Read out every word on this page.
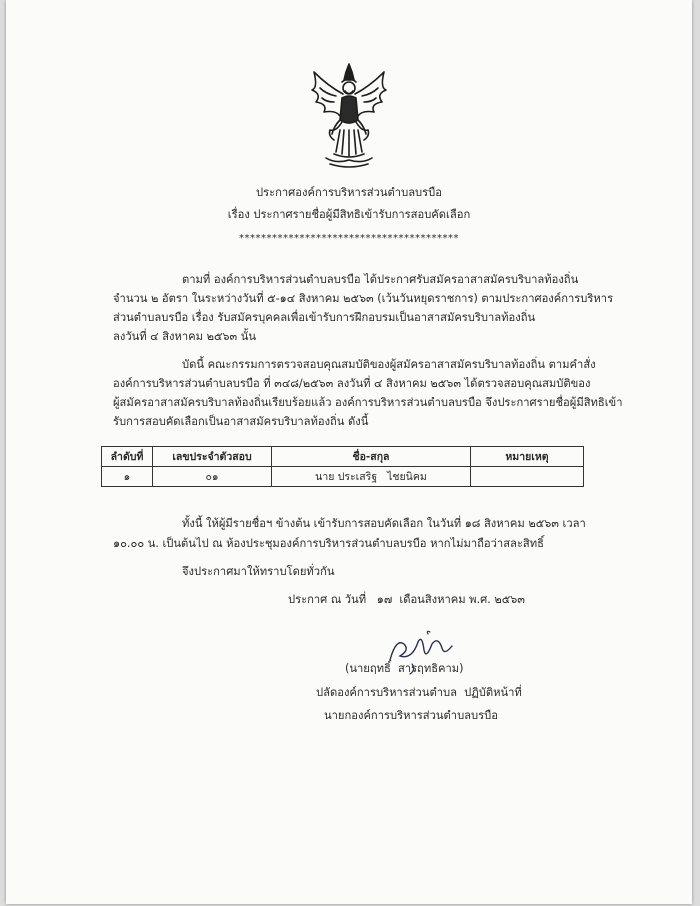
ประกาศองค์การบริหารส่วนตำบลบรบือ
เรื่อง ประกาศรายชื่อผู้มีสิทธิเข้ารับการสอบคัดเลือก
****************************************
ตามที่ องค์การบริหารส่วนตำบลบรบือ ได้ประกาศรับสมัครอาสาสมัครบริบาลท้องถิ่น
จำนวน ๒ อัตรา ในระหว่างวันที่ ๕-๑๔ สิงหาคม ๒๕๖๓ (เว้นวันหยุดราชการ) ตามประกาศองค์การบริหาร
ส่วนตำบลบรบือ เรื่อง รับสมัครบุคคลเพื่อเข้ารับการฝึกอบรมเป็นอาสาสมัครบริบาลท้องถิ่น
ลงวันที่ ๔ สิงหาคม ๒๕๖๓ นั้น
บัดนี้ คณะกรรมการตรวจสอบคุณสมบัติของผู้สมัครอาสาสมัครบริบาลท้องถิ่น ตามคำสั่ง
องค์การบริหารส่วนตำบลบรบือ ที่ ๓๔๘/๒๕๖๓ ลงวันที่ ๔ สิงหาคม ๒๕๖๓ ได้ตรวจสอบคุณสมบัติของ
ผู้สมัครอาสาสมัครบริบาลท้องถิ่นเรียบร้อยแล้ว องค์การบริหารส่วนตำบลบรบือ จึงประกาศรายชื่อผู้มีสิทธิเข้า
รับการสอบคัดเลือกเป็นอาสาสมัครบริบาลท้องถิ่น ดังนี้
ลำดับที่	เลขประจำตัวสอบ	ชื่อ-สกุล	หมายเหตุ
๑	๐๑	นาย ประเสริฐ   ไชยนิคม	
ทั้งนี้ ให้ผู้มีรายชื่อฯ ข้างต้น เข้ารับการสอบคัดเลือก ในวันที่ ๑๘ สิงหาคม ๒๕๖๓ เวลา
๑๐.๐๐ น. เป็นต้นไป ณ ห้องประชุมองค์การบริหารส่วนตำบลบรบือ หากไม่มาถือว่าสละสิทธิ์
จึงประกาศมาให้ทราบโดยทั่วกัน
ประกาศ ณ วันที่   ๑๗  เดือนสิงหาคม พ.ศ. ๒๕๖๓
(นายฤทธิ์  สารฤทธิคาม)
ปลัดองค์การบริหารส่วนตำบล  ปฏิบัติหน้าที่
นายกองค์การบริหารส่วนตำบลบรบือ
